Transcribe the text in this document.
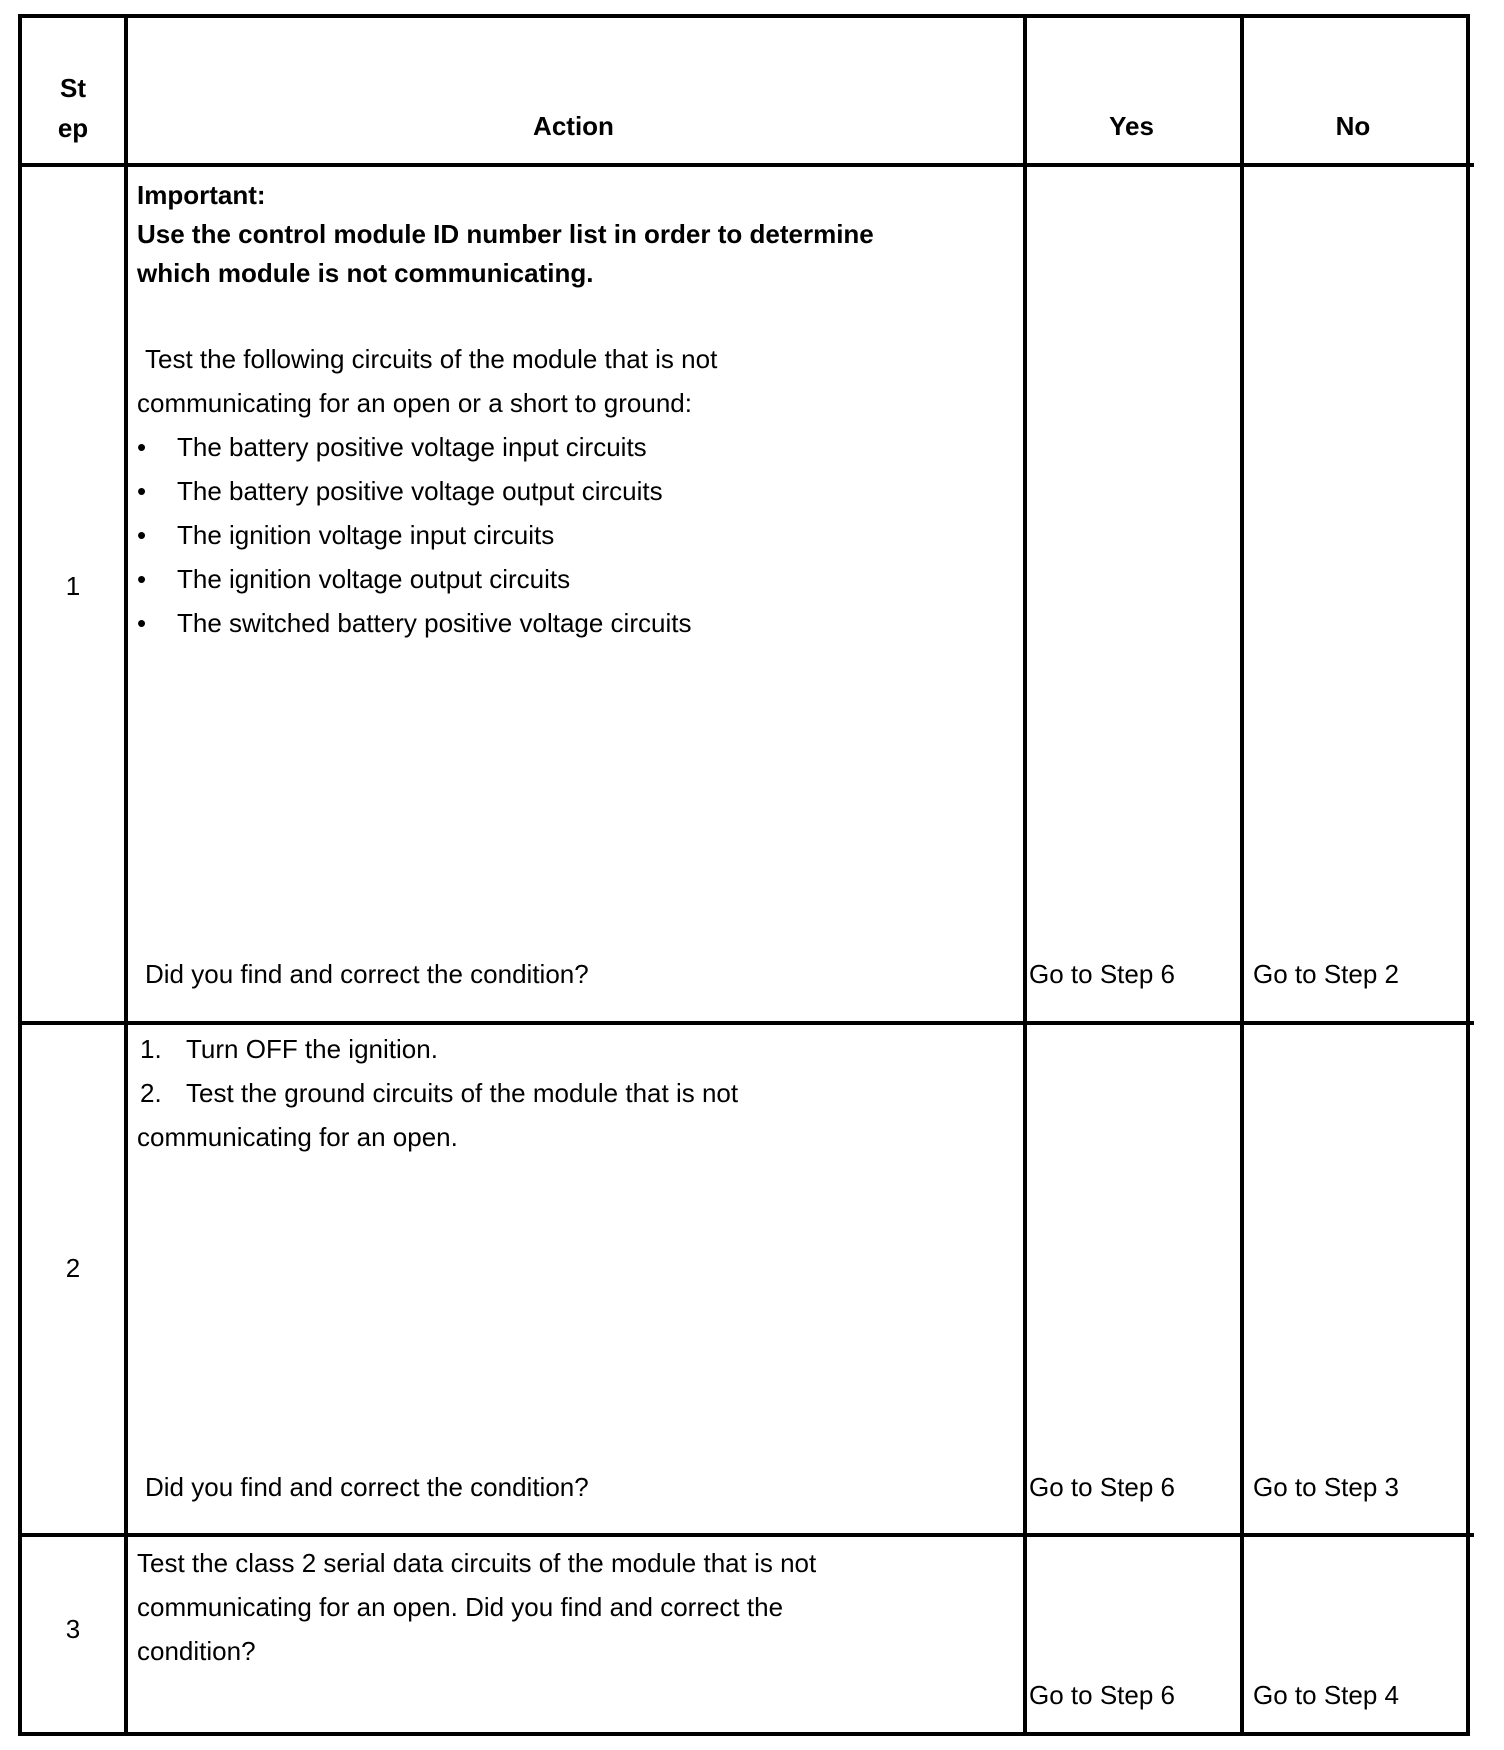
St
ep	Action	Yes	No
1
Important:
Use the control module ID number list in order to determine
which module is not communicating.
Test the following circuits of the module that is not
communicating for an open or a short to ground:
• The battery positive voltage input circuits
• The battery positive voltage output circuits
• The ignition voltage input circuits
• The ignition voltage output circuits
• The switched battery positive voltage circuits
Did you find and correct the condition?	Go to Step 6	Go to Step 2
2
1. Turn OFF the ignition.
2. Test the ground circuits of the module that is not
communicating for an open.
Did you find and correct the condition?	Go to Step 6	Go to Step 3
3
Test the class 2 serial data circuits of the module that is not
communicating for an open. Did you find and correct the
condition?
Go to Step 6	Go to Step 4
